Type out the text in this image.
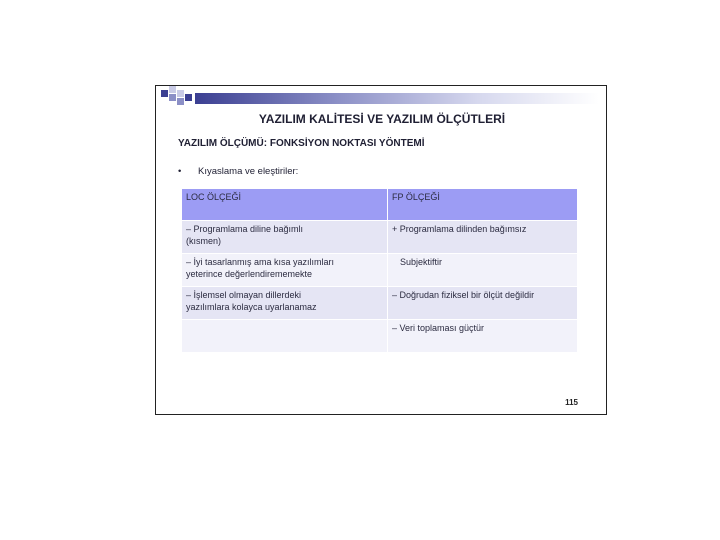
YAZILIM KALİTESİ VE YAZILIM ÖLÇÜTLERİ
YAZILIM ÖLÇÜMÜ: FONKSİYON NOKTASI YÖNTEMİ
• Kıyaslama ve eleştiriler:
LOC ÖLÇEĞİ	FP ÖLÇEĞİ
– Programlama diline bağımlı
(kısmen)	+ Programlama dilinden bağımsız
– İyi tasarlanmış ama kısa yazılımları
yeterince değerlendirememekte	Subjektiftir
– İşlemsel olmayan dillerdeki
yazılımlara kolayca uyarlanamaz	– Doğrudan fiziksel bir ölçüt değildir
	– Veri toplaması güçtür
115
